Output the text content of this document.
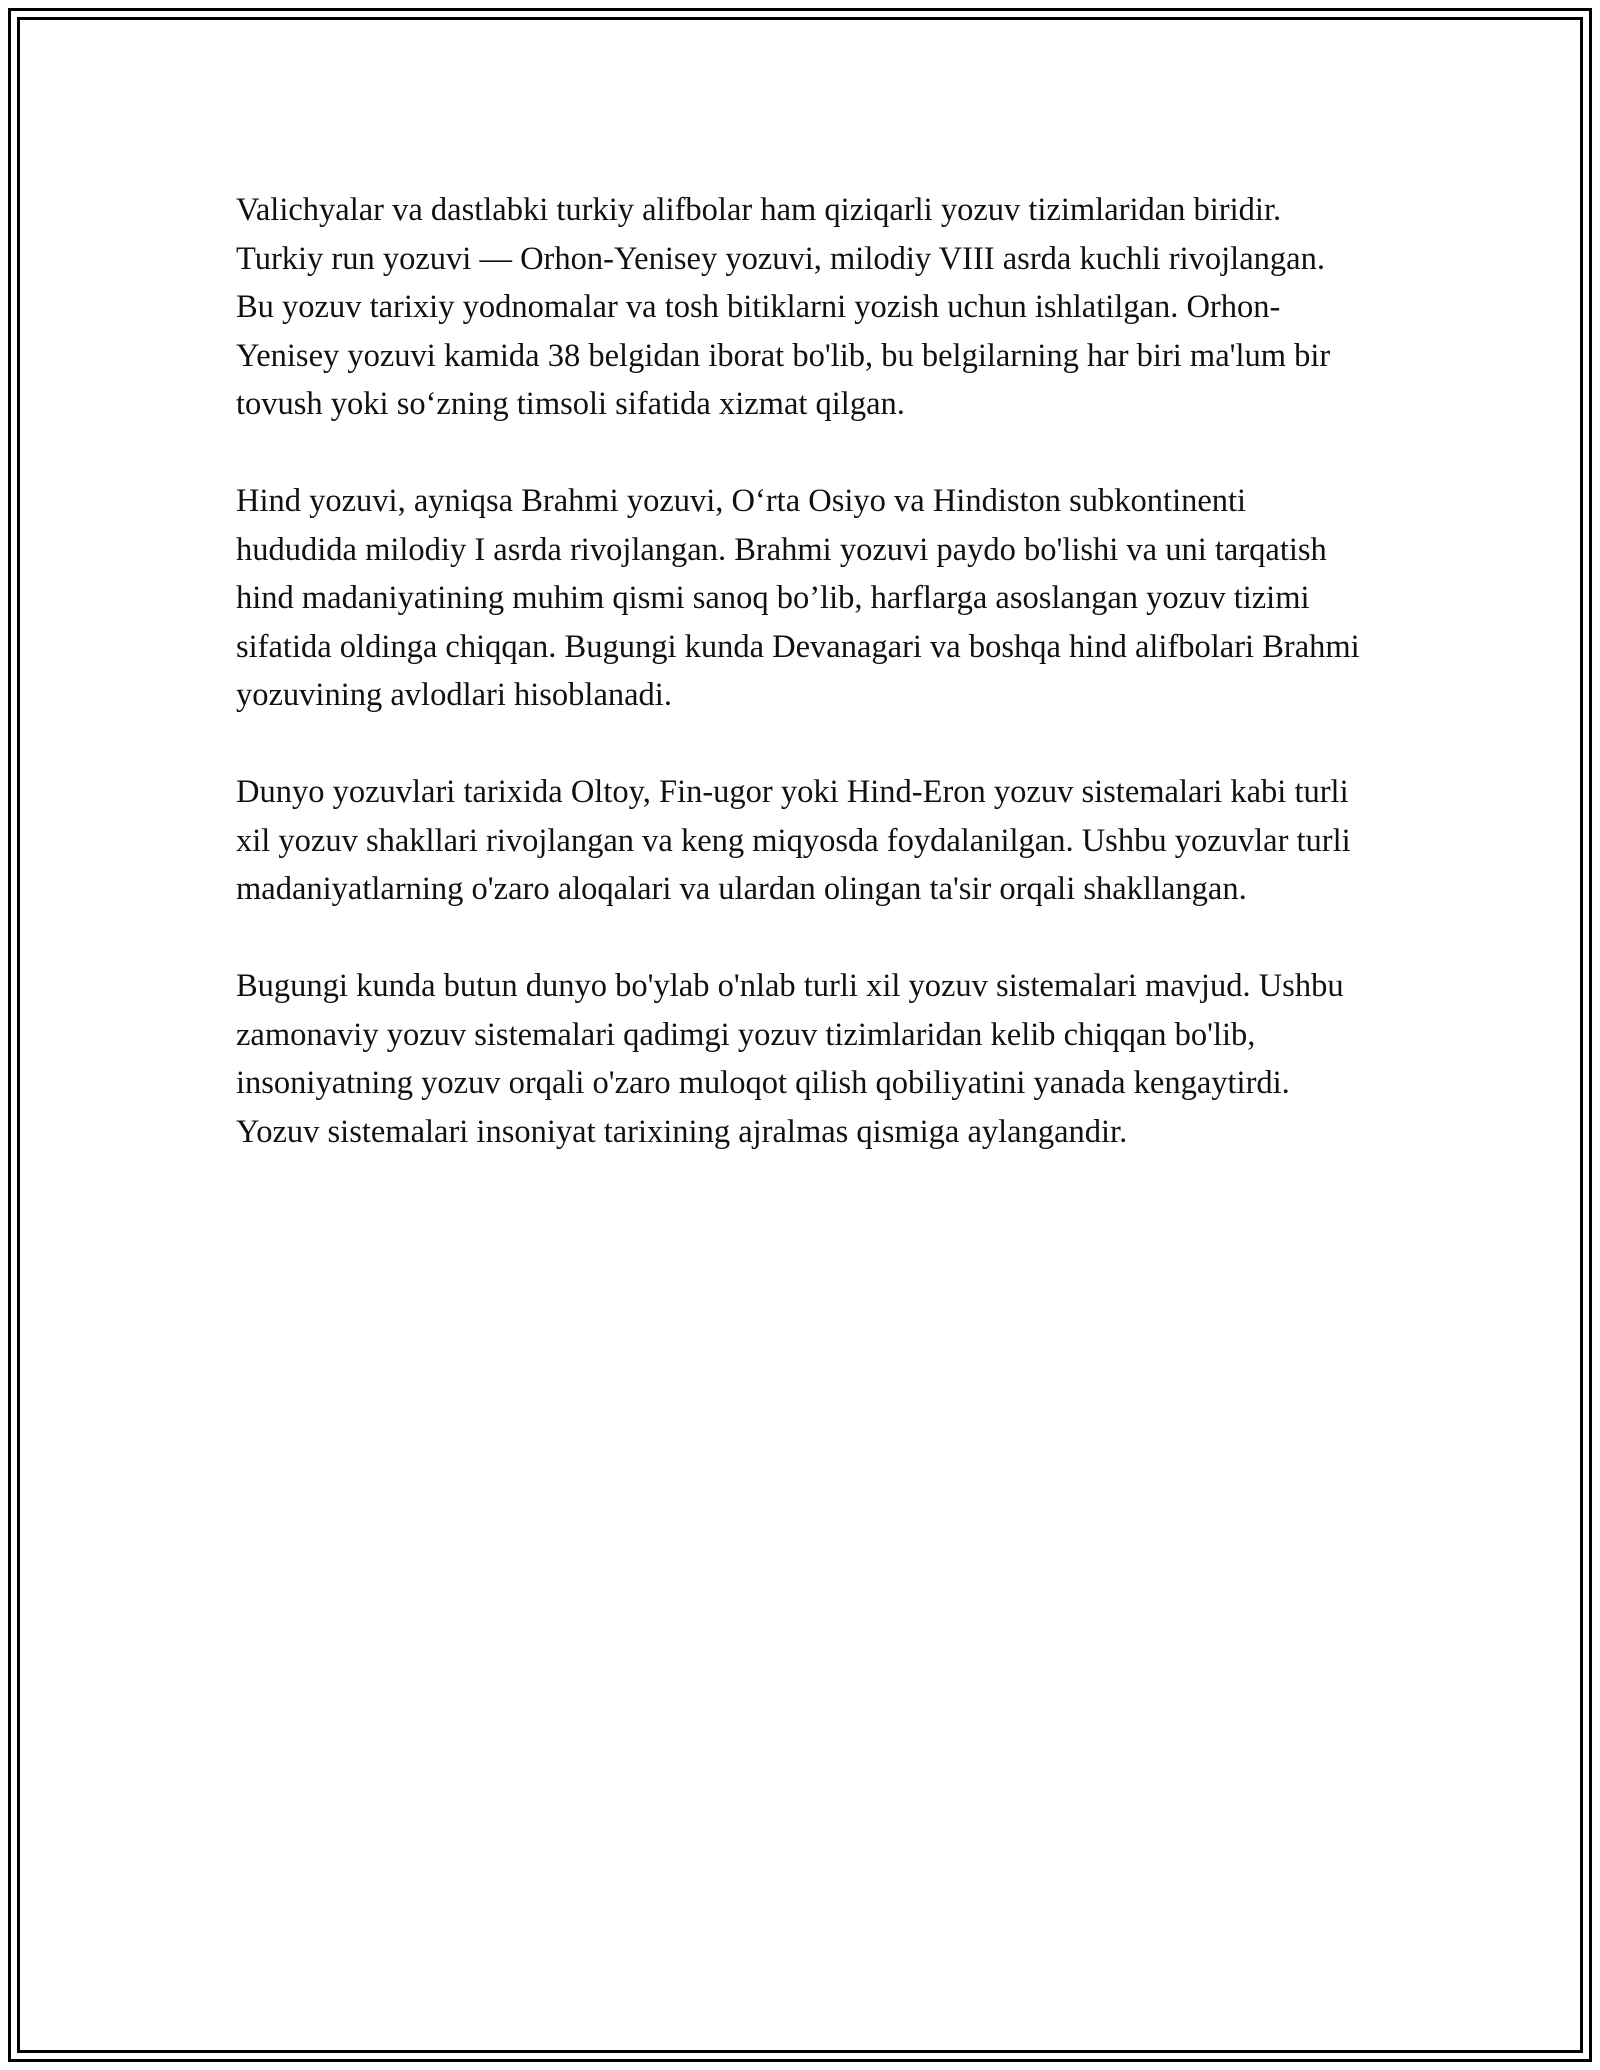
Valichyalar va dastlabki turkiy alifbolar ham qiziqarli yozuv tizimlaridan biridir. Turkiy run yozuvi — Orhon-Yenisey yozuvi, milodiy VIII asrda kuchli rivojlangan. Bu yozuv tarixiy yodnomalar va tosh bitiklarni yozish uchun ishlatilgan. Orhon-Yenisey yozuvi kamida 38 belgidan iborat bo'lib, bu belgilarning har biri ma'lum bir tovush yoki so‘zning timsoli sifatida xizmat qilgan.

Hind yozuvi, ayniqsa Brahmi yozuvi, O‘rta Osiyo va Hindiston subkontinenti hududida milodiy I asrda rivojlangan. Brahmi yozuvi paydo bo'lishi va uni tarqatish hind madaniyatining muhim qismi sanoq bo’lib, harflarga asoslangan yozuv tizimi sifatida oldinga chiqqan. Bugungi kunda Devanagari va boshqa hind alifbolari Brahmi yozuvining avlodlari hisoblanadi.

Dunyo yozuvlari tarixida Oltoy, Fin-ugor yoki Hind-Eron yozuv sistemalari kabi turli xil yozuv shakllari rivojlangan va keng miqyosda foydalanilgan. Ushbu yozuvlar turli madaniyatlarning o'zaro aloqalari va ulardan olingan ta'sir orqali shakllangan.

Bugungi kunda butun dunyo bo'ylab o'nlab turli xil yozuv sistemalari mavjud. Ushbu zamonaviy yozuv sistemalari qadimgi yozuv tizimlaridan kelib chiqqan bo'lib, insoniyatning yozuv orqali o'zaro muloqot qilish qobiliyatini yanada kengaytirdi. Yozuv sistemalari insoniyat tarixining ajralmas qismiga aylangandir.
